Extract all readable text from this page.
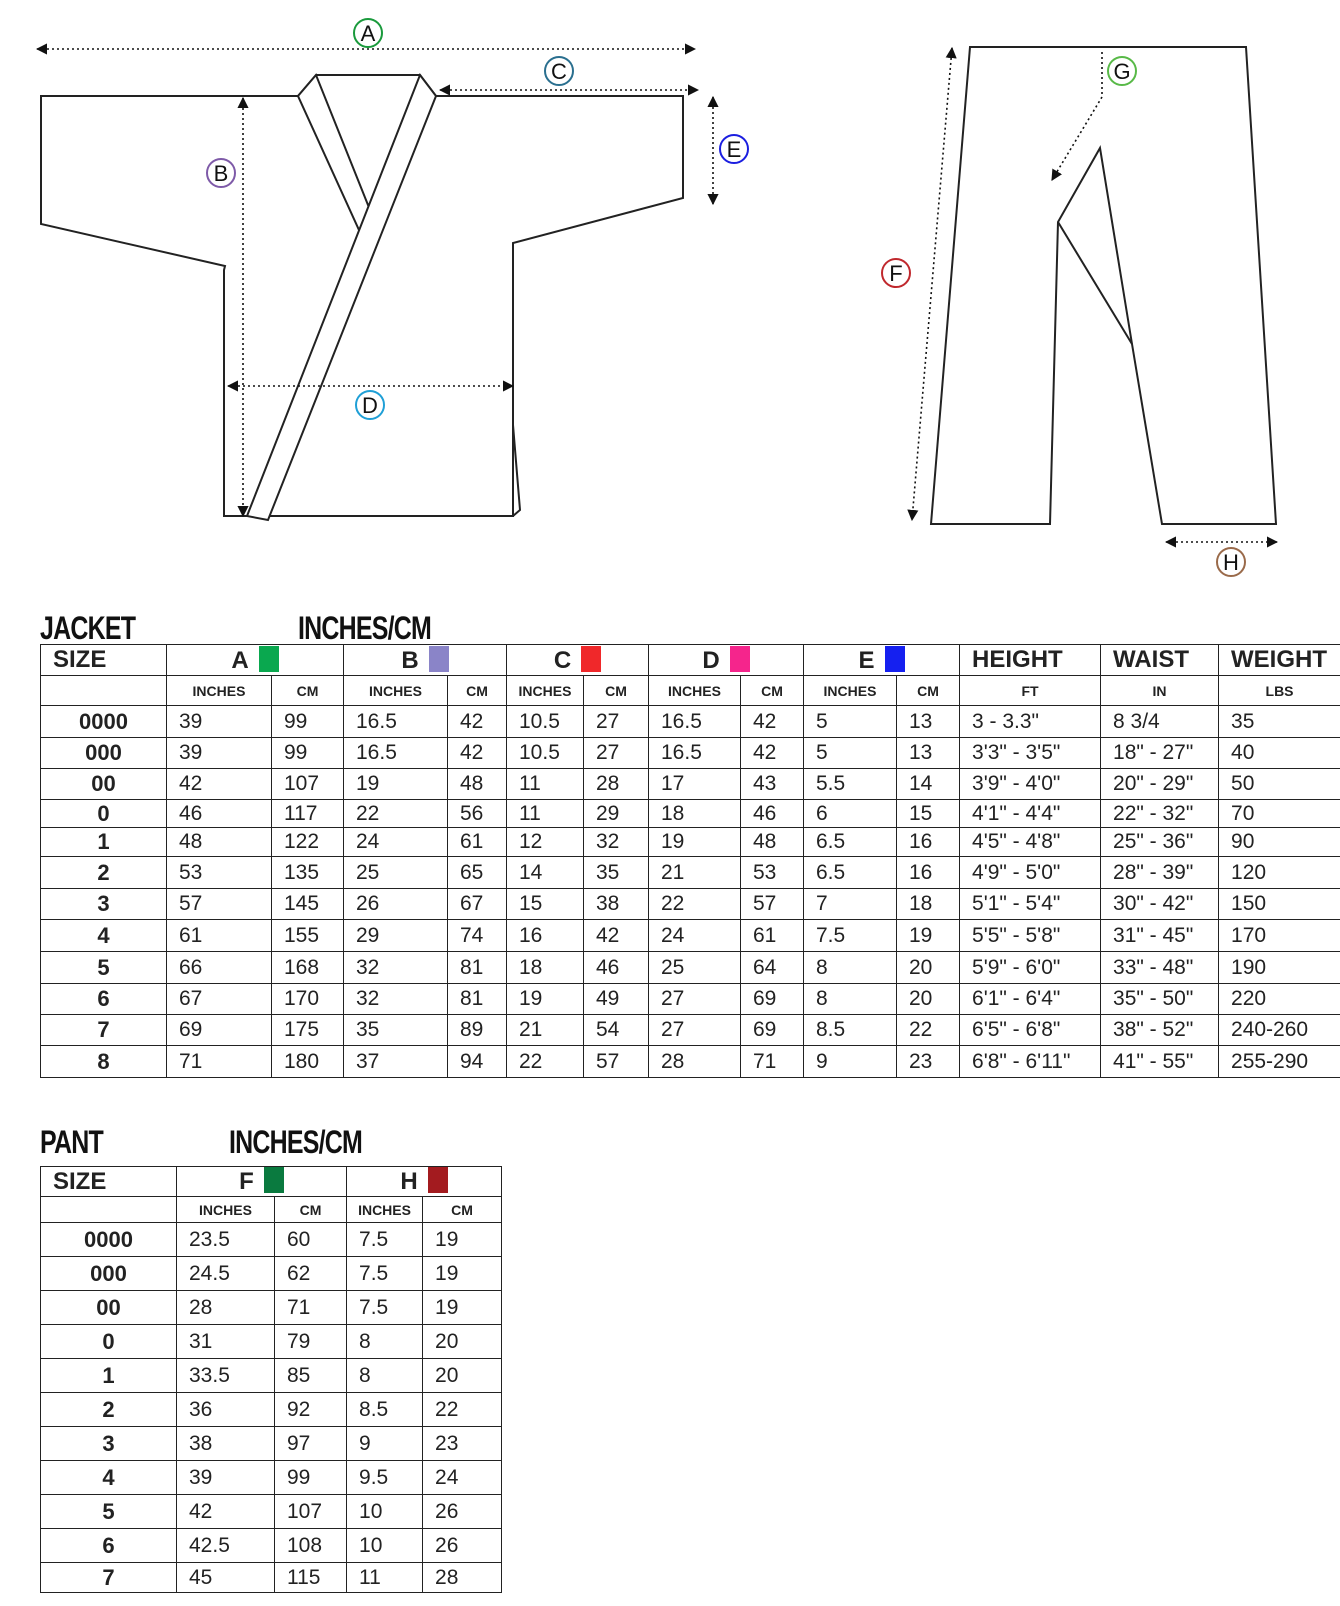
A
B
C
D
E
F
G
H
JACKET	INCHES/CM
SIZE	A		B		C		D		E		HEIGHT	WAIST	WEIGHT
	INCHES	CM	INCHES	CM	INCHES	CM	INCHES	CM	INCHES	CM	FT	IN	LBS
0000	39	99	16.5	42	10.5	27	16.5	42	5	13	3 - 3.3"	8 3/4	35
000	39	99	16.5	42	10.5	27	16.5	42	5	13	3'3" - 3'5"	18" - 27"	40
00	42	107	19	48	11	28	17	43	5.5	14	3'9" - 4'0"	20" - 29"	50
0	46	117	22	56	11	29	18	46	6	15	4'1" - 4'4"	22" - 32"	70
1	48	122	24	61	12	32	19	48	6.5	16	4'5" - 4'8"	25" - 36"	90
2	53	135	25	65	14	35	21	53	6.5	16	4'9" - 5'0"	28" - 39"	120
3	57	145	26	67	15	38	22	57	7	18	5'1" - 5'4"	30" - 42"	150
4	61	155	29	74	16	42	24	61	7.5	19	5'5" - 5'8"	31" - 45"	170
5	66	168	32	81	18	46	25	64	8	20	5'9" - 6'0"	33" - 48"	190
6	67	170	32	81	19	49	27	69	8	20	6'1" - 6'4"	35" - 50"	220
7	69	175	35	89	21	54	27	69	8.5	22	6'5" - 6'8"	38" - 52"	240-260
8	71	180	37	94	22	57	28	71	9	23	6'8" - 6'11"	41" - 55"	255-290
PANT	INCHES/CM
SIZE	F		H	
	INCHES	CM	INCHES	CM
0000	23.5	60	7.5	19
000	24.5	62	7.5	19
00	28	71	7.5	19
0	31	79	8	20
1	33.5	85	8	20
2	36	92	8.5	22
3	38	97	9	23
4	39	99	9.5	24
5	42	107	10	26
6	42.5	108	10	26
7	45	115	11	28
